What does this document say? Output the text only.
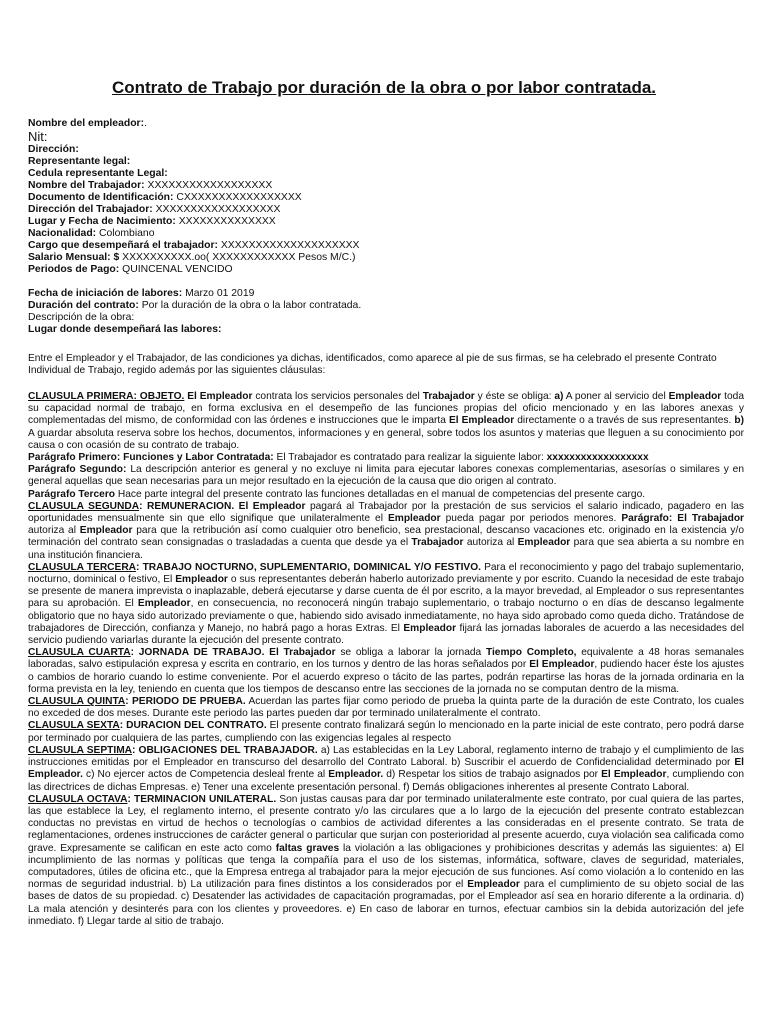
Contrato de Trabajo por duración de la obra o por labor contratada.
Nombre del empleador:.
Nit:
Dirección:
Representante legal:
Cedula representante Legal:
Nombre del Trabajador: XXXXXXXXXXXXXXXXXX
Documento de Identificación: CXXXXXXXXXXXXXXXXX
Dirección del Trabajador: XXXXXXXXXXXXXXXXXX
Lugar y Fecha de Nacimiento: XXXXXXXXXXXXXX
Nacionalidad: Colombiano
Cargo que desempeñará el trabajador: XXXXXXXXXXXXXXXXXXXX
Salario Mensual: $ XXXXXXXXXX.oo( XXXXXXXXXXXX Pesos M/C.)
Periodos de Pago: QUINCENAL VENCIDO
Fecha de iniciación de labores: Marzo 01 2019
Duración del contrato: Por la duración de la obra o la labor contratada.
Descripción de la obra:
Lugar donde desempeñará las labores:
Entre el Empleador y el Trabajador, de las condiciones ya dichas, identificados, como aparece al pie de sus firmas, se ha celebrado el presente Contrato Individual de Trabajo, regido además por las siguientes cláusulas:

CLAUSULA PRIMERA: OBJETO. El Empleador contrata los servicios personales del Trabajador y éste se obliga: a) A poner al servicio del Empleador toda su capacidad normal de trabajo, en forma exclusiva en el desempeño de las funciones propias del oficio mencionado y en las labores anexas y complementadas del mismo, de conformidad con las órdenes e instrucciones que le imparta El Empleador directamente o a través de sus representantes. b) A guardar absoluta reserva sobre los hechos, documentos, informaciones y en general, sobre todos los asuntos y materias que lleguen a su conocimiento por causa o con ocasión de su contrato de trabajo.

Parágrafo Primero: Funciones y Labor Contratada: El Trabajador es contratado para realizar la siguiente labor: xxxxxxxxxxxxxxxxxx

Parágrafo Segundo: La descripción anterior es general y no excluye ni limita para ejecutar labores conexas complementarias, asesorías o similares y en general aquellas que sean necesarias para un mejor resultado en la ejecución de la causa que dio origen al contrato.

Parágrafo Tercero Hace parte integral del presente contrato las funciones detalladas en el manual de competencias del presente cargo.

CLAUSULA SEGUNDA: REMUNERACION. El Empleador pagará al Trabajador por la prestación de sus servicios el salario indicado, pagadero en las oportunidades mensualmente sin que ello signifique que unilateralmente el Empleador pueda pagar por periodos menores. Parágrafo: El Trabajador autoriza al Empleador para que la retribución así como cualquier otro beneficio, sea prestacional, descanso vacaciones etc. originado en la existencia y/o terminación del contrato sean consignadas o trasladadas a cuenta que desde ya el Trabajador autoriza al Empleador para que sea abierta a su nombre en una institución financiera.

CLAUSULA TERCERA: TRABAJO NOCTURNO, SUPLEMENTARIO, DOMINICAL Y/O FESTIVO. Para el reconocimiento y pago del trabajo suplementario, nocturno, dominical o festivo, El Empleador o sus representantes deberán haberlo autorizado previamente y por escrito. Cuando la necesidad de este trabajo se presente de manera imprevista o inaplazable, deberá ejecutarse y darse cuenta de él por escrito, a la mayor brevedad, al Empleador o sus representantes para su aprobación. El Empleador, en consecuencia, no reconocerá ningún trabajo suplementario, o trabajo nocturno o en días de descanso legalmente obligatorio que no haya sido autorizado previamente o que, habiendo sido avisado inmediatamente, no haya sido aprobado como queda dicho. Tratándose de trabajadores de Dirección, confianza y Manejo, no habrá pago a horas Extras. El Empleador fijará las jornadas laborales de acuerdo a las necesidades del servicio pudiendo variarlas durante la ejecución del presente contrato.

CLAUSULA CUARTA: JORNADA DE TRABAJO. El Trabajador se obliga a laborar la jornada Tiempo Completo, equivalente a 48 horas semanales laboradas, salvo estipulación expresa y escrita en contrario, en los turnos y dentro de las horas señalados por El Empleador, pudiendo hacer éste los ajustes o cambios de horario cuando lo estime conveniente. Por el acuerdo expreso o tácito de las partes, podrán repartirse las horas de la jornada ordinaria en la forma prevista en la ley, teniendo en cuenta que los tiempos de descanso entre las secciones de la jornada no se computan dentro de la misma.

CLAUSULA QUINTA: PERIODO DE PRUEBA. Acuerdan las partes fijar como periodo de prueba la quinta parte de la duración de este Contrato, los cuales no exceded de dos meses. Durante este periodo las partes pueden dar por terminado unilateralmente el contrato.

CLAUSULA SEXTA: DURACION DEL CONTRATO. El presente contrato finalizará según lo mencionado en la parte inicial de este contrato, pero podrá darse por terminado por cualquiera de las partes, cumpliendo con las exigencias legales al respecto

CLAUSULA SEPTIMA: OBLIGACIONES DEL TRABAJADOR. a) Las establecidas en la Ley Laboral, reglamento interno de trabajo y el cumplimiento de las instrucciones emitidas por el Empleador en transcurso del desarrollo del Contrato Laboral. b) Suscribir el acuerdo de Confidencialidad determinado por El Empleador. c) No ejercer actos de Competencia desleal frente al Empleador. d) Respetar los sitios de trabajo asignados por El Empleador, cumpliendo con las directrices de dichas Empresas. e) Tener una excelente presentación personal. f) Demás obligaciones inherentes al presente Contrato Laboral.

CLAUSULA OCTAVA: TERMINACION UNILATERAL. Son justas causas para dar por terminado unilateralmente este contrato, por cual quiera de las partes, las que establece la Ley, el reglamento interno, el presente contrato y/o las circulares que a lo largo de la ejecución del presente contrato establezcan conductas no previstas en virtud de hechos o tecnologías o cambios de actividad diferentes a las consideradas en el presente contrato. Se trata de reglamentaciones, ordenes instrucciones de carácter general o particular que surjan con posterioridad al presente acuerdo, cuya violación sea calificada como grave. Expresamente se califican en este acto como faltas graves la violación a las obligaciones y prohibiciones descritas y además las siguientes: a) El incumplimiento de las normas y políticas que tenga la compañía para el uso de los sistemas, informática, software, claves de seguridad, materiales, computadores, útiles de oficina etc., que la Empresa entrega al trabajador para la mejor ejecución de sus funciones. Así como violación a lo contenido en las normas de seguridad industrial. b) La utilización para fines distintos a los considerados por el Empleador para el cumplimiento de su objeto social de las bases de datos de su propiedad. c) Desatender las actividades de capacitación programadas, por el Empleador así sea en horario diferente a la ordinaria. d) La mala atención y desinterés para con los clientes y proveedores. e) En caso de laborar en turnos, efectuar cambios sin la debida autorización del jefe inmediato. f) Llegar tarde al sitio de trabajo.
